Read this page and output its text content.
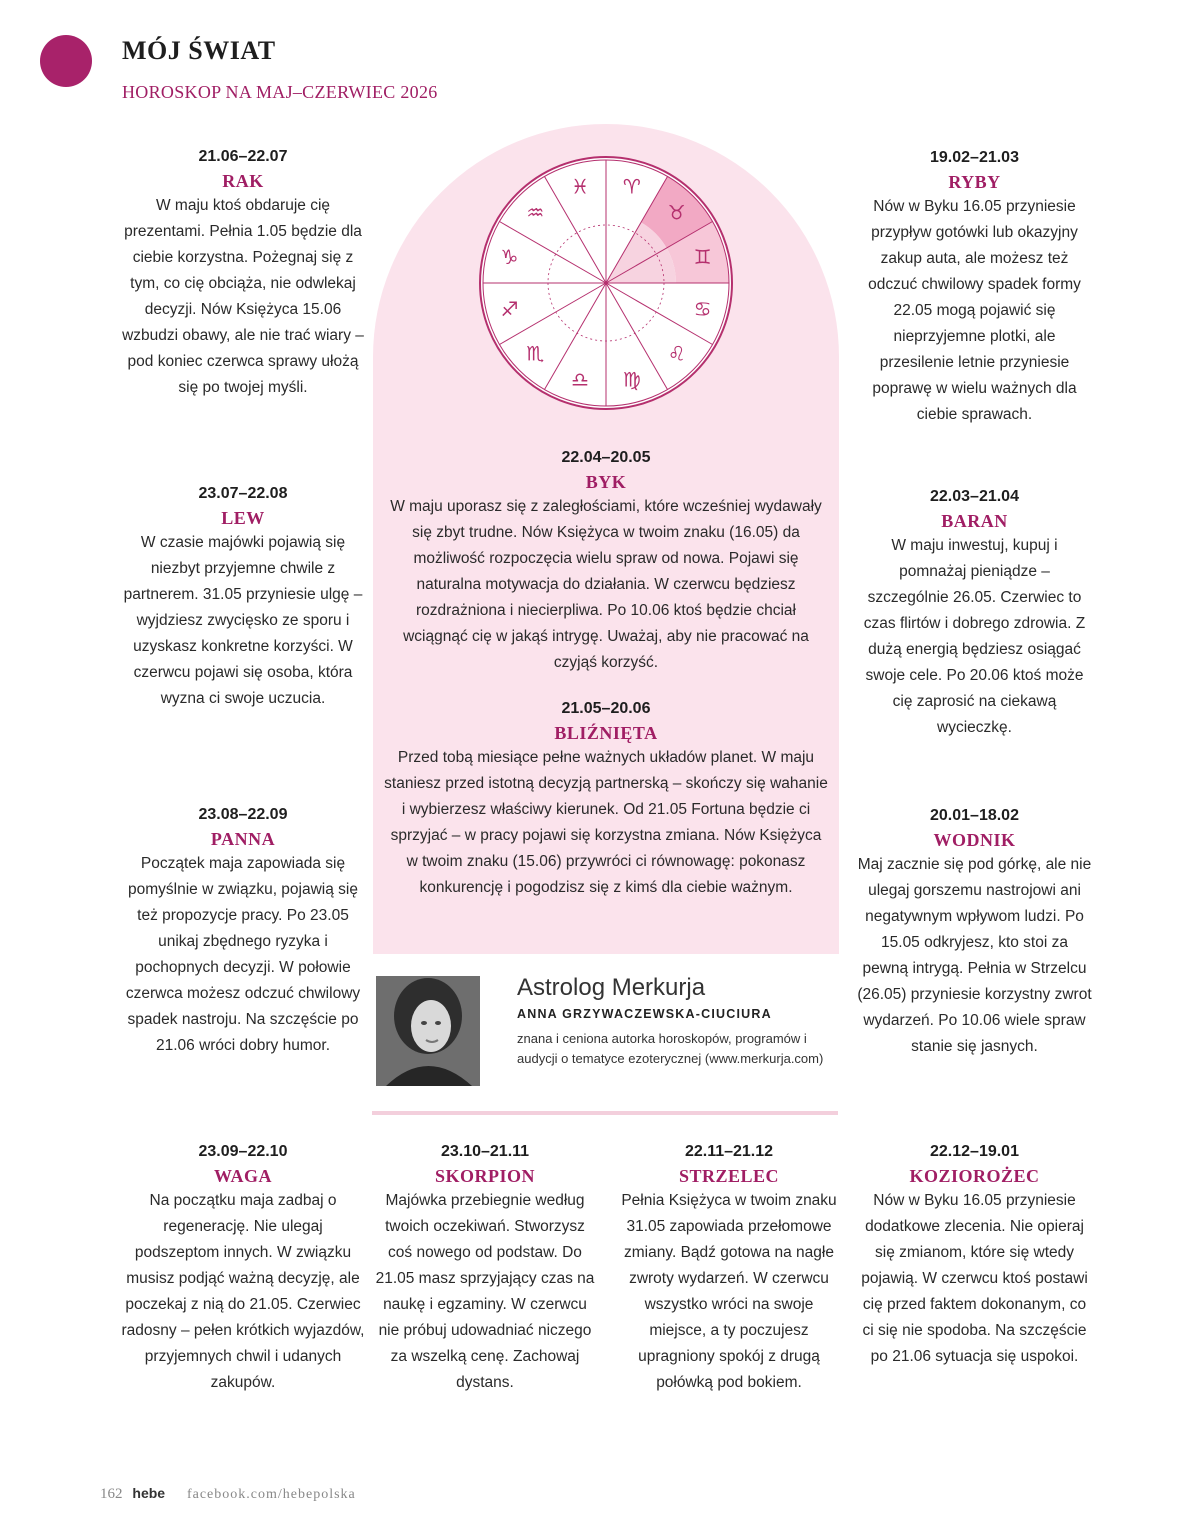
MÓJ ŚWIAT
HOROSKOP NA MAJ–CZERWIEC 2026
♈
♉
♊
♋
♌
♍
♎
♏
♐
♑
♒
♓
21.06–22.07
RAK
W maju ktoś obdaruje cię prezentami. Pełnia 1.05 będzie dla ciebie korzystna. Pożegnaj się z tym, co cię obciąża, nie odwlekaj decyzji. Nów Księżyca 15.06 wzbudzi obawy, ale nie trać wiary – pod koniec czerwca sprawy ułożą się po twojej myśli.
23.07–22.08
LEW
W czasie majówki pojawią się niezbyt przyjemne chwile z partnerem. 31.05 przyniesie ulgę – wyjdziesz zwycięsko ze sporu i uzyskasz konkretne korzyści. W czerwcu pojawi się osoba, która wyzna ci swoje uczucia.
23.08–22.09
PANNA
Początek maja zapowiada się pomyślnie w związku, pojawią się też propozycje pracy. Po 23.05 unikaj zbędnego ryzyka i pochopnych decyzji. W połowie czerwca możesz odczuć chwilowy spadek nastroju. Na szczęście po 21.06 wróci dobry humor.
23.09–22.10
WAGA
Na początku maja zadbaj o regenerację. Nie ulegaj podszeptom innych. W związku musisz podjąć ważną decyzję, ale poczekaj z nią do 21.05. Czerwiec radosny – pełen krótkich wyjazdów, przyjemnych chwil i udanych zakupów.
22.04–20.05
BYK
W maju uporasz się z zaległościami, które wcześniej wydawały się zbyt trudne. Nów Księżyca w twoim znaku (16.05) da możliwość rozpoczęcia wielu spraw od nowa. Pojawi się naturalna motywacja do działania. W czerwcu będziesz rozdrażniona i niecierpliwa. Po 10.06 ktoś będzie chciał wciągnąć cię w jakąś intrygę. Uważaj, aby nie pracować na czyjąś korzyść.
21.05–20.06
BLIŹNIĘTA
Przed tobą miesiące pełne ważnych układów planet. W maju staniesz przed istotną decyzją partnerską – skończy się wahanie i wybierzesz właściwy kierunek. Od 21.05 Fortuna będzie ci sprzyjać – w pracy pojawi się korzystna zmiana. Nów Księżyca w twoim znaku (15.06) przywróci ci równowagę: pokonasz konkurencję i pogodzisz się z kimś dla ciebie ważnym.
Astrolog Merkurja
ANNA GRZYWACZEWSKA-CIUCIURA
znana i ceniona autorka horoskopów, programów i audycji o tematyce ezoterycznej (www.merkurja.com)
23.10–21.11
SKORPION
Majówka przebiegnie według twoich oczekiwań. Stworzysz coś nowego od podstaw. Do 21.05 masz sprzyjający czas na naukę i egzaminy. W czerwcu nie próbuj udowadniać niczego za wszelką cenę. Zachowaj dystans.
22.11–21.12
STRZELEC
Pełnia Księżyca w twoim znaku 31.05 zapowiada przełomowe zmiany. Bądź gotowa na nagłe zwroty wydarzeń. W czerwcu wszystko wróci na swoje miejsce, a ty poczujesz upragniony spokój z drugą połówką pod bokiem.
19.02–21.03
RYBY
Nów w Byku 16.05 przyniesie przypływ gotówki lub okazyjny zakup auta, ale możesz też odczuć chwilowy spadek formy 22.05 mogą pojawić się nieprzyjemne plotki, ale przesilenie letnie przyniesie poprawę w wielu ważnych dla ciebie sprawach.
22.03–21.04
BARAN
W maju inwestuj, kupuj i pomnażaj pieniądze – szczególnie 26.05. Czerwiec to czas flirtów i dobrego zdrowia. Z dużą energią będziesz osiągać swoje cele. Po 20.06 ktoś może cię zaprosić na ciekawą wycieczkę.
20.01–18.02
WODNIK
Maj zacznie się pod górkę, ale nie ulegaj gorszemu nastrojowi ani negatywnym wpływom ludzi. Po 15.05 odkryjesz, kto stoi za pewną intrygą. Pełnia w Strzelcu (26.05) przyniesie korzystny zwrot wydarzeń. Po 10.06 wiele spraw stanie się jasnych.
22.12–19.01
KOZIOROŻEC
Nów w Byku 16.05 przyniesie dodatkowe zlecenia. Nie opieraj się zmianom, które się wtedy pojawią. W czerwcu ktoś postawi cię przed faktem dokonanym, co ci się nie spodoba. Na szczęście po 21.06 sytuacja się uspokoi.
162 hebe facebook.com/hebepolska
